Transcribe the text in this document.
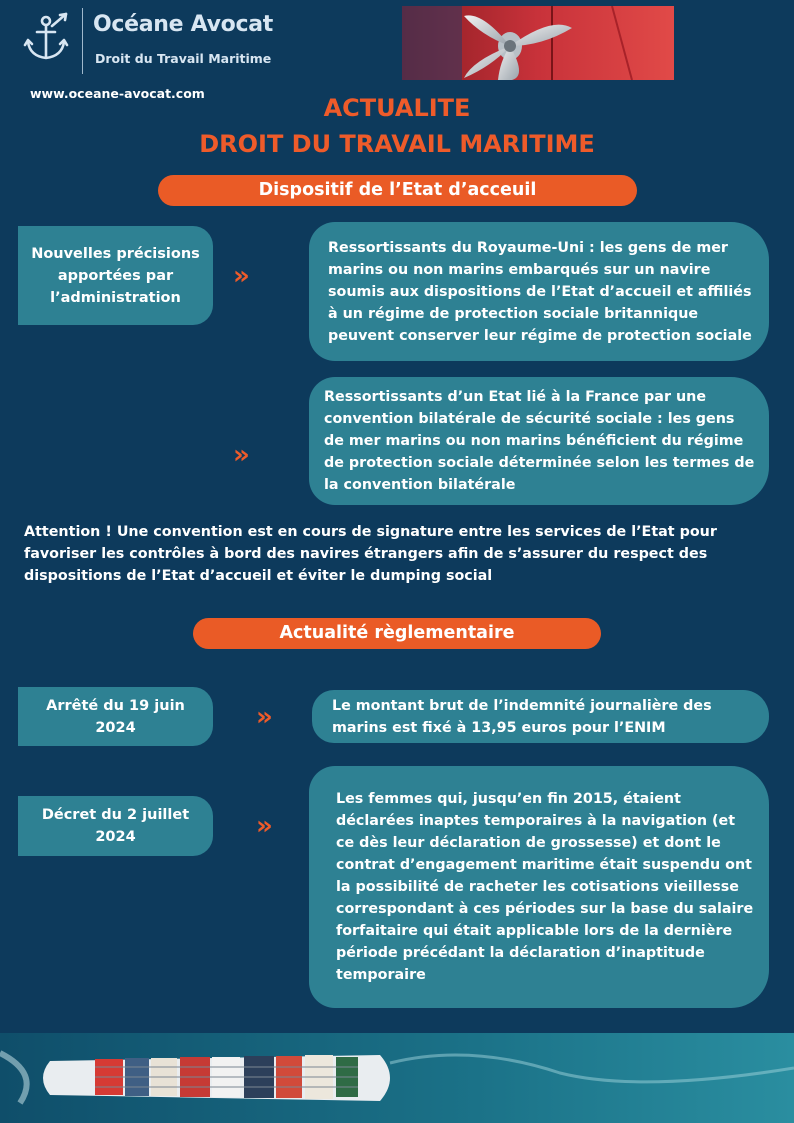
Océane Avocat
Droit du Travail Maritime
www.oceane-avocat.com
ACTUALITE
DROIT DU TRAVAIL MARITIME
Dispositif de l’Etat d’acceuil
Nouvelles précisions apportées par l’administration
»
Ressortissants du Royaume-Uni : les gens de mer marins ou non marins embarqués sur un navire soumis aux dispositions de l’Etat d’accueil et affiliés à un régime de protection sociale britannique peuvent conserver leur régime de protection sociale
»
Ressortissants d’un Etat lié à la France par une convention bilatérale de sécurité sociale : les gens de mer marins ou non marins bénéficient du régime de protection sociale déterminée selon les termes de la convention bilatérale
Attention ! Une convention est en cours de signature entre les services de l’Etat pour favoriser les contrôles à bord des navires étrangers afin de s’assurer du respect des dispositions de l’Etat d’accueil et éviter le dumping social
Actualité règlementaire
Arrêté du 19 juin 2024	»	Le montant brut de l’indemnité journalière des marins est fixé à 13,95 euros pour l’ENIM
Décret du 2 juillet 2024	»
Les femmes qui, jusqu’en fin 2015, étaient déclarées inaptes temporaires à la navigation (et ce dès leur déclaration de grossesse) et dont le contrat d’engagement maritime était suspendu ont la possibilité de racheter les cotisations vieillesse correspondant à ces périodes sur la base du salaire forfaitaire qui était applicable lors de la dernière période précédant la déclaration d’inaptitude temporaire
